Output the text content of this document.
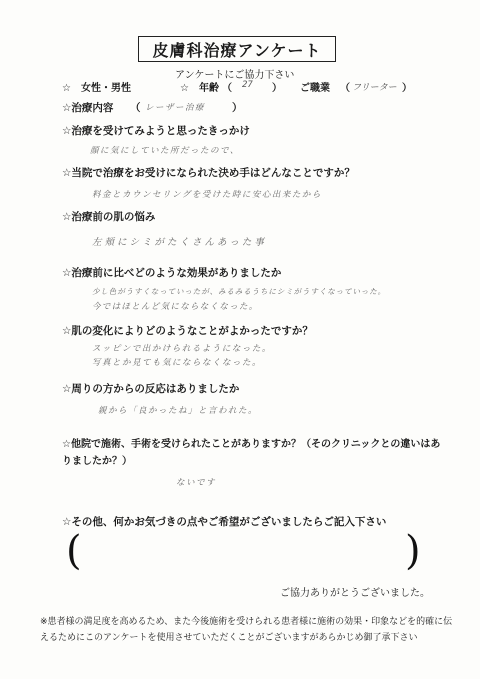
皮膚科治療アンケート
アンケートにご協力下さい
☆　女性・男性	☆　年齢 （ 27 ） ご職業 （ フリーター ）
☆治療内容 （ レーザー治療	）
☆治療を受けてみようと思ったきっかけ
顔に気にしていた所だったので、
☆当院で治療をお受けになられた決め手はどんなことですか？
料金とカウンセリングを受けた時に安心出来たから
☆治療前の肌の悩み
左頬にシミがたくさんあった事
☆治療前に比べどのような効果がありましたか
少し色がうすくなっていったが、みるみるうちにシミがうすくなっていった。
今ではほとんど気にならなくなった。
☆肌の変化によりどのようなことがよかったですか？
スッピンで出かけられるようになった。
写真とか見ても気にならなくなった。
☆周りの方からの反応はありましたか
親から「良かったね」と言われた。
☆他院で施術、手術を受けられたことがありますか？（そのクリニックとの違いはありましたか？）
ないです
☆その他、何かお気づきの点やご希望がございましたらご記入下さい
(	)
ご協力ありがとうございました。
※患者様の満足度を高めるため、また今後施術を受けられる患者様に施術の効果・印象などを的確に伝えるためにこのアンケートを使用させていただくことがございますがあらかじめ御了承下さい
